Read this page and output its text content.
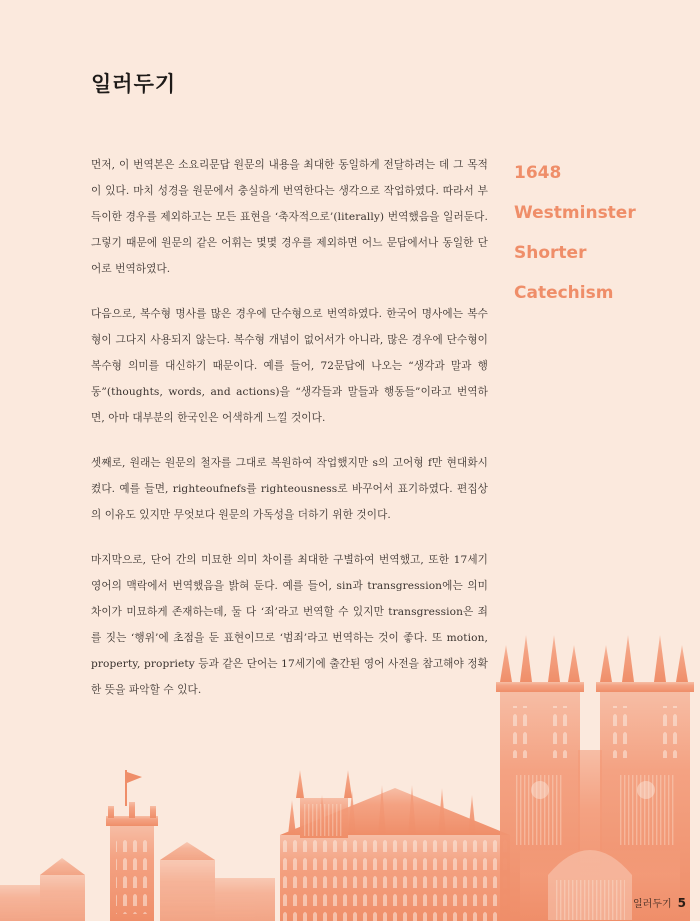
일러두기

먼저, 이 번역본은 소요리문답 원문의 내용을 최대한 동일하게 전달하려는 데 그 목적이 있다. 마치 성경을 원문에서 충실하게 번역한다는 생각으로 작업하였다. 따라서 부득이한 경우를 제외하고는 모든 표현을 ‘축자적으로’(literally) 번역했음을 일러둔다. 그렇기 때문에 원문의 같은 어휘는 몇몇 경우를 제외하면 어느 문답에서나 동일한 단어로 번역하였다.

다음으로, 복수형 명사를 많은 경우에 단수형으로 번역하였다. 한국어 명사에는 복수형이 그다지 사용되지 않는다. 복수형 개념이 없어서가 아니라, 많은 경우에 단수형이 복수형 의미를 대신하기 때문이다. 예를 들어, 72문답에 나오는 “생각과 말과 행동”(thoughts, words, and actions)을 “생각들과 말들과 행동들”이라고 번역하면, 아마 대부분의 한국인은 어색하게 느낄 것이다.

셋째로, 원래는 원문의 철자를 그대로 복원하여 작업했지만 s의 고어형 f만 현대화시켰다. 예를 들면, righteoufnefs를 righteousness로 바꾸어서 표기하였다. 편집상의 이유도 있지만 무엇보다 원문의 가독성을 더하기 위한 것이다.

마지막으로, 단어 간의 미묘한 의미 차이를 최대한 구별하여 번역했고, 또한 17세기 영어의 맥락에서 번역했음을 밝혀 둔다. 예를 들어, sin과 transgression에는 의미 차이가 미묘하게 존재하는데, 둘 다 ‘죄’라고 번역할 수 있지만 transgression은 죄를 짓는 ‘행위’에 초점을 둔 표현이므로 ‘범죄’라고 번역하는 것이 좋다. 또 motion, property, propriety 등과 같은 단어는 17세기에 출간된 영어 사전을 참고해야 정확한 뜻을 파악할 수 있다.

1648
Westminster
Shorter
Catechism
일러두기 5
